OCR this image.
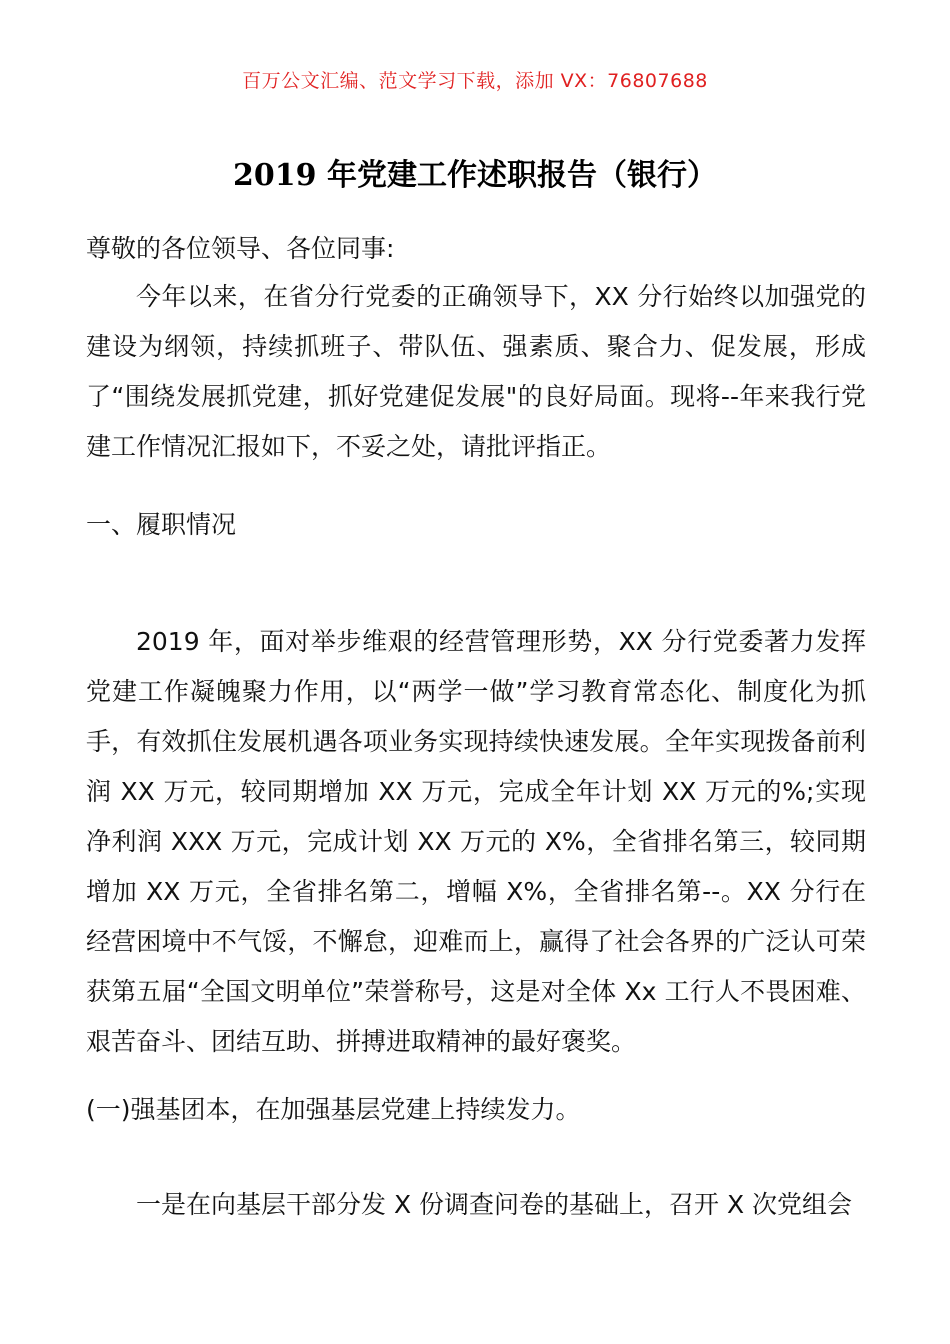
百万公文汇编、范文学习下载，添加 VX：76807688
2019 年党建工作述职报告（银行）

尊敬的各位领导、各位同事:

今年以来，在省分行党委的正确领导下，XX 分行始终以加强党的建设为纲领，持续抓班子、带队伍、强素质、聚合力、促发展，形成了“围绕发展抓党建，抓好党建促发展"的良好局面。现将--年来我行党建工作情况汇报如下，不妥之处，请批评指正。

一、履职情况

2019 年，面对举步维艰的经营管理形势，XX 分行党委著力发挥党建工作凝魄聚力作用，以“两学一做”学习教育常态化、制度化为抓手，有效抓住发展机遇各项业务实现持续快速发展。全年实现拨备前利润 XX 万元，较同期增加 XX 万元，完成全年计划 XX 万元的%;实现净利润 XXX 万元，完成计划 XX 万元的 X%，全省排名第三，较同期增加 XX 万元，全省排名第二，增幅 X%，全省排名第--。XX 分行在经营困境中不气馁，不懈怠，迎难而上，赢得了社会各界的广泛认可荣获第五届“全国文明单位”荣誉称号，这是对全体 Xx 工行人不畏困难、艰苦奋斗、团结互助、拼搏进取精神的最好褒奖。

(一)强基团本，在加强基层党建上持续发力。

一是在向基层干部分发 X 份调查问卷的基础上，召开 X 次党组会
